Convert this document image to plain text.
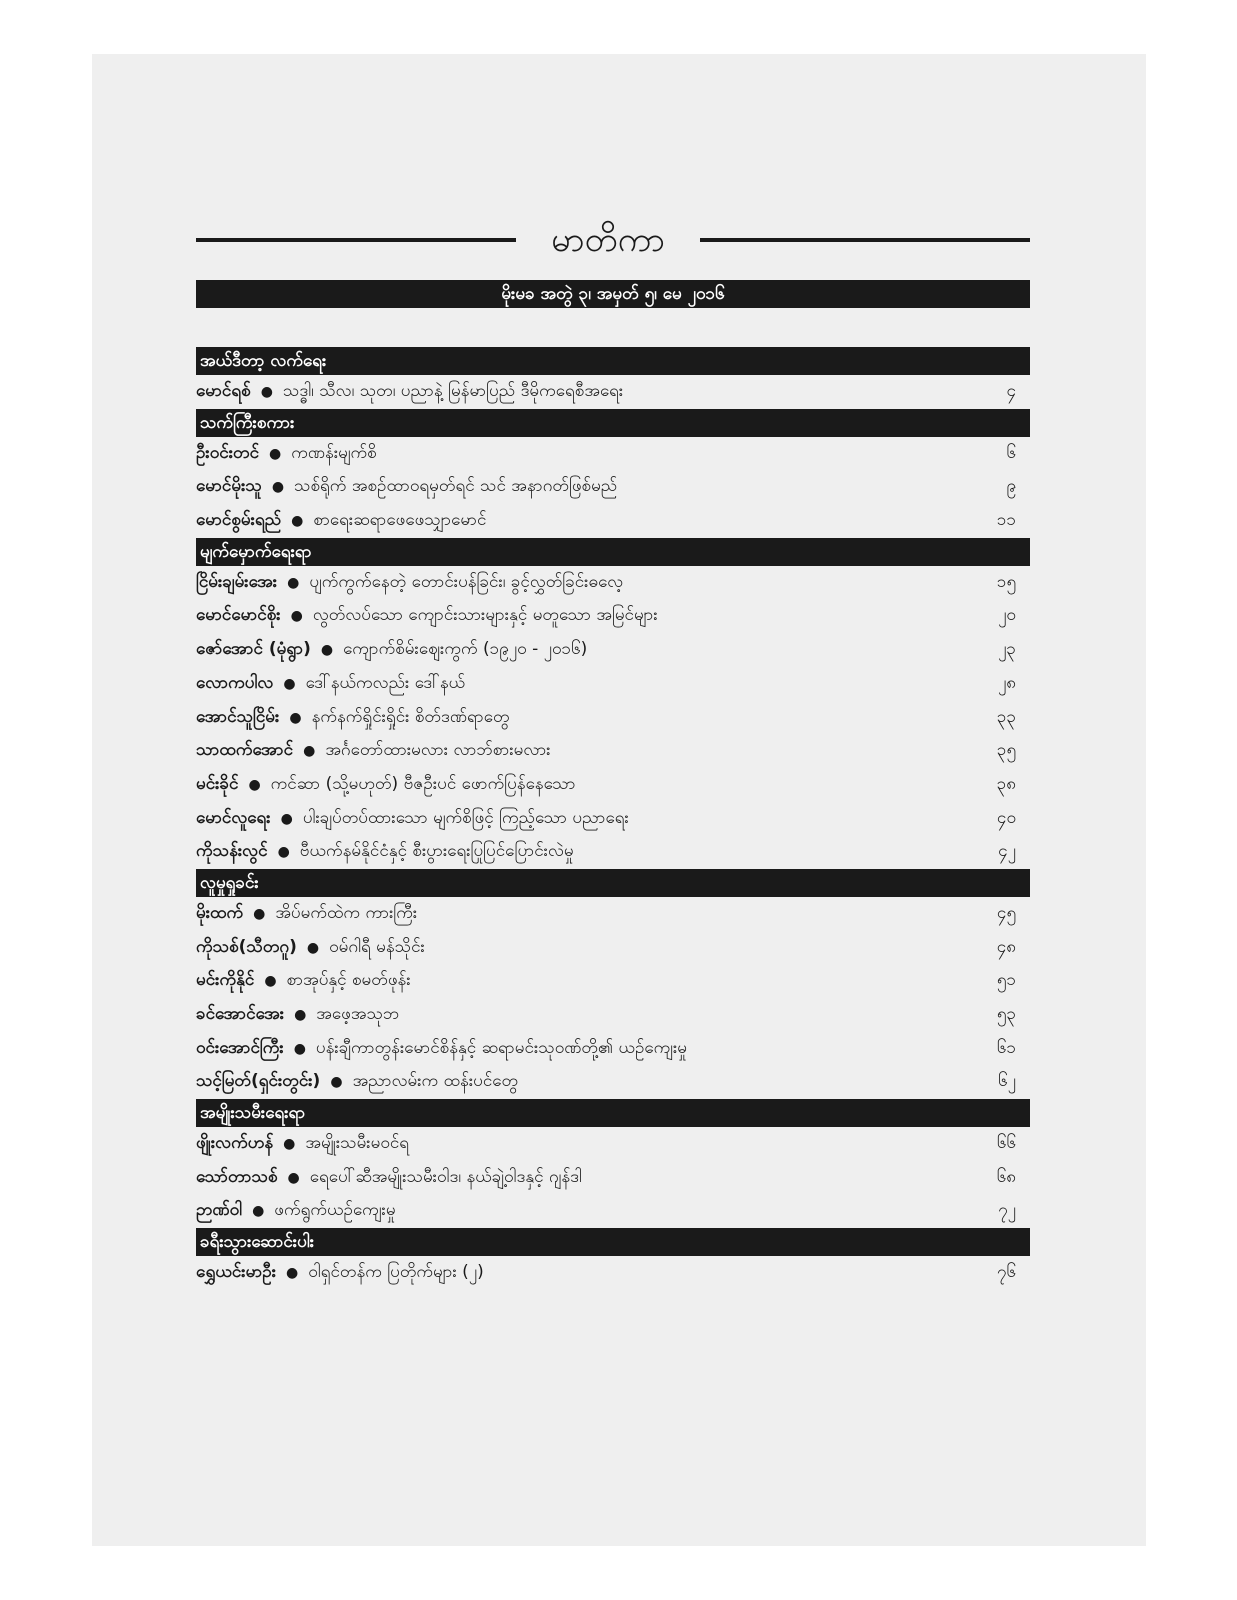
မာတိကာ
မိုးမခ အတွဲ ၃၊ အမှတ် ၅၊ မေ ၂၀၁၆
အယ်ဒီတာ့ လက်ရေး
မောင်ရစ် ● သဒ္ဓါ၊ သီလ၊ သုတ၊ ပညာနဲ့ မြန်မာပြည် ဒီမိုကရေစီအရေး	၄
သက်ကြီးစကား
ဦးဝင်းတင် ● ကဏန်းမျက်စိ	၆
မောင်မိုးသူ ● သစ်ရိုက် အစဉ်ထာဝရမှတ်ရင် သင် အနာဂတ်ဖြစ်မည်	၉
မောင်စွမ်းရည် ● စာရေးဆရာဖေဖေသျှာမောင်	၁၁
မျက်မှောက်ရေးရာ
ငြိမ်းချမ်းအေး ● ပျက်ကွက်နေတဲ့ တောင်းပန်ခြင်း၊ ခွင့်လွှတ်ခြင်းဓလေ့	၁၅
မောင်မောင်စိုး ● လွတ်လပ်သော ကျောင်းသားများနှင့် မတူသော အမြင်များ	၂၀
ဇော်အောင် (မုံရွာ) ● ကျောက်စိမ်းဈေးကွက် (၁၉၂၀ - ၂၀၁၆)	၂၃
လောကပါလ ● ဒေါ်နယ်ကလည်း ဒေါ်နယ်	၂၈
အောင်သူငြိမ်း ● နက်နက်ရှိုင်းရှိုင်း စိတ်ဒဏ်ရာတွေ	၃၃
သာထက်အောင် ● အင်္ဂတော်ထားမလား လာဘ်စားမလား	၃၅
မင်းခိုင် ● ကင်ဆာ (သို့မဟုတ်) ဗီဇဦးပင် ဖောက်ပြန်နေသော	၃၈
မောင်လူရေး ● ပါးချပ်တပ်ထားသော မျက်စိဖြင့် ကြည့်သော ပညာရေး	၄၀
ကိုသန်းလွင် ● ဗီယက်နမ်နိုင်ငံနှင့် စီးပွားရေးပြုပြင်ပြောင်းလဲမှု	၄၂
လူမှုရှုခင်း
မိုးထက် ● အိပ်မက်ထဲက ကားကြီး	၄၅
ကိုသစ်(သီတဂူ) ● ဝမ်ဂါရီ မန်သိုင်း	၄၈
မင်းကိုနိုင် ● စာအုပ်နှင့် စမတ်ဖုန်း	၅၁
ခင်အောင်အေး ● အဖေ့အသုဘ	၅၃
ဝင်းအောင်ကြီး ● ပန်းချီကာတွန်းမောင်စိန်နှင့် ဆရာမင်းသုဝဏ်တို့၏ ယဉ်ကျေးမှု	၆၁
သင့်မြတ်(ရှင်းတွင်း) ● အညာလမ်းက ထန်းပင်တွေ	၆၂
အမျိုးသမီးရေးရာ
ဖျိုးလက်ဟန် ● အမျိုးသမီးမဝင်ရ	၆၆
သော်တာသစ် ● ရေပေါ်ဆီအမျိုးသမီးဝါဒ၊ နယ်ချဲ့ဝါဒနှင့် ဂျန်ဒါ	၆၈
ဉာဏ်ဝါ ● ဖက်ရွက်ယဉ်ကျေးမှု	၇၂
ခရီးသွားဆောင်းပါး
ရွှေယင်းမာဦး ● ဝါရှင်တန်က ပြတိုက်များ (၂)	၇၆
